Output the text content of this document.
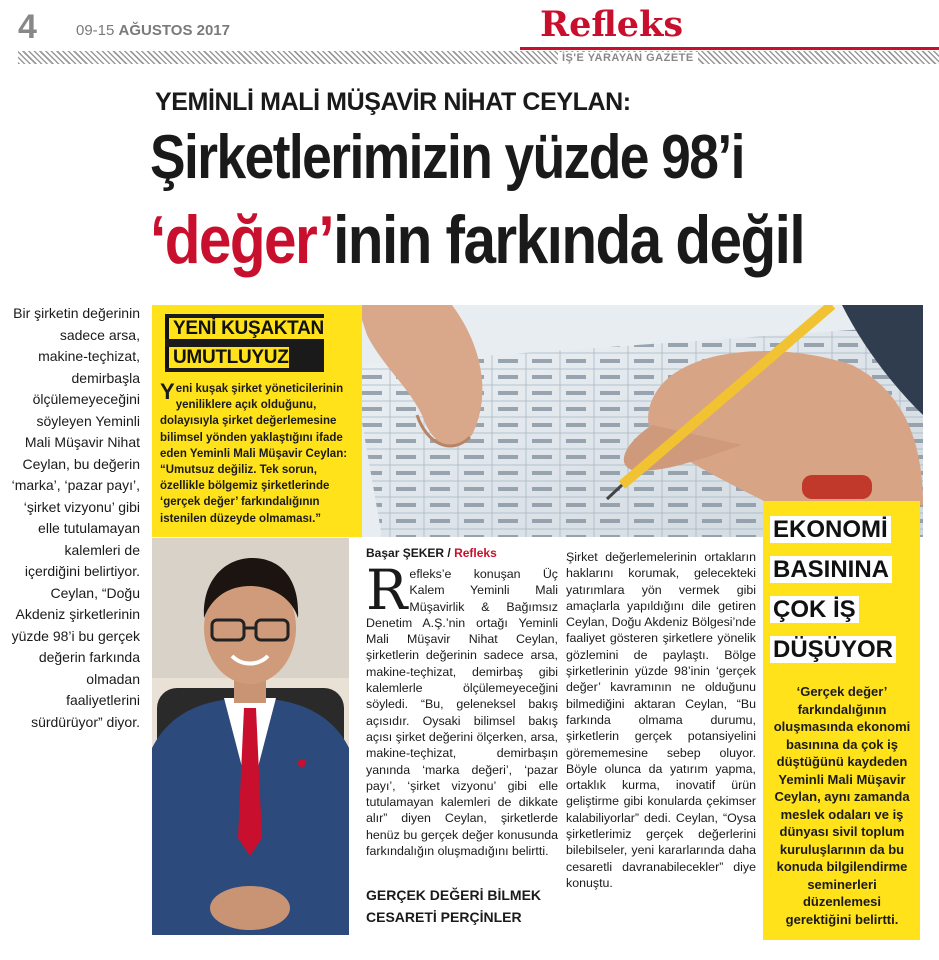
4	09-15 AĞUSTOS 2017	Refleks
İŞ'E YARAYAN GAZETE
YEMİNLİ MALİ MÜŞAVİR NİHAT CEYLAN:
Şirketlerimizin yüzde 98’i
‘değer’inin farkında değil
Bir şirketin değerinin sadece arsa, makine-teçhizat, demirbaşla ölçülemeyeceğini söyleyen Yeminli Mali Müşavir Nihat Ceylan, bu değerin ‘marka’, ‘pazar payı’, ‘şirket vizyonu’ gibi elle tutulamayan kalemleri de içerdiğini belirtiyor. Ceylan, “Doğu Akdeniz şirketlerinin yüzde 98’i bu gerçek değerin farkında olmadan faaliyetlerini sürdürüyor” diyor.
YENİ KUŞAKTAN
UMUTLUYUZ
Yeni kuşak şirket yöneticilerinin yeniliklere açık olduğunu, dolayısıyla şirket değerlemesine bilimsel yönden yaklaştığını ifade eden Yeminli Mali Müşavir Ceylan: “Umutsuz değiliz. Tek sorun, özellikle bölgemiz şirketlerinde ‘gerçek değer’ farkındalığının istenilen düzeyde olmaması.”
Başar ŞEKER / Refleks
Refleks’e konuşan Üç Kalem Yeminli Mali Müşavirlik & Bağımsız Denetim A.Ş.’nin ortağı Yeminli Mali Müşavir Nihat Ceylan, şirketlerin değerinin sadece arsa, makine-teçhizat, demirbaş gibi kalemlerle ölçülemeyeceğini söyledi. “Bu, geleneksel bakış açısıdır. Oysaki bilimsel bakış açısı şirket değerini ölçerken, arsa, makine-teçhizat, demirbaşın yanında ‘marka değeri’, ‘pazar payı’, ‘şirket vizyonu’ gibi elle tutulamayan kalemleri de dikkate alır” diyen Ceylan, şirketlerde henüz bu gerçek değer konusunda farkındalığın oluşmadığını belirtti.
GERÇEK DEĞERİ BİLMEK CESARETİ PERÇİNLER
Şirket değerlemelerinin ortakların haklarını korumak, gelecekteki yatırımlara yön vermek gibi amaçlarla yapıldığını dile getiren Ceylan, Doğu Akdeniz Bölgesi’nde faaliyet gösteren şirketlere yönelik gözlemini de paylaştı. Bölge şirketlerinin yüzde 98’inin ‘gerçek değer’ kavramının ne olduğunu bilmediğini aktaran Ceylan, “Bu farkında olmama durumu, şirketlerin gerçek potansiyelini görememesine sebep oluyor. Böyle olunca da yatırım yapma, ortaklık kurma, inovatif ürün geliştirme gibi konularda çekimser kalabiliyorlar” dedi. Ceylan, “Oysa şirketlerimiz gerçek değerlerini bilebilseler, yeni kararlarında daha cesaretli davranabilecekler” diye konuştu.
EKONOMİ
BASININA
ÇOK İŞ
DÜŞÜYOR
‘Gerçek değer’ farkındalığının oluşmasında ekonomi basınına da çok iş düştüğünü kaydeden Yeminli Mali Müşavir Ceylan, aynı zamanda meslek odaları ve iş dünyası sivil toplum kuruluşlarının da bu konuda bilgilendirme seminerleri düzenlemesi gerektiğini belirtti.
